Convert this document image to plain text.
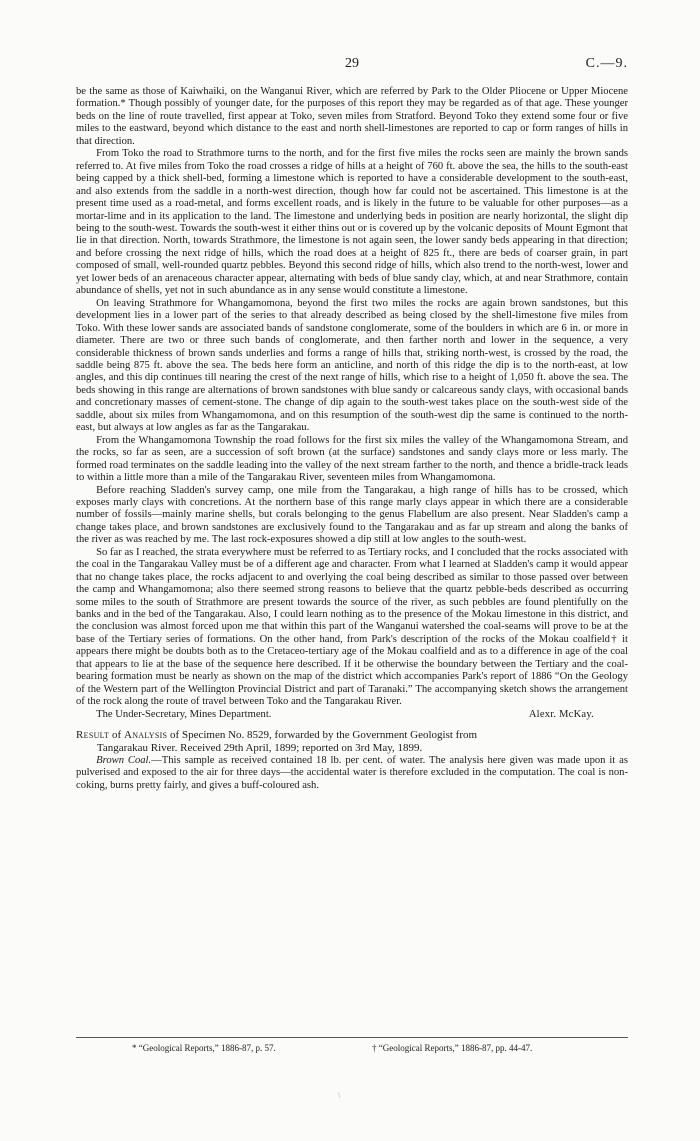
29	C.—9.

be the same as those of Kaiwhaiki, on the Wanganui River, which are referred by Park to the Older Pliocene or Upper Miocene formation.* Though possibly of younger date, for the purposes of this report they may be regarded as of that age. These younger beds on the line of route travelled, first appear at Toko, seven miles from Stratford. Beyond Toko they extend some four or five miles to the eastward, beyond which distance to the east and north shell-limestones are reported to cap or form ranges of hills in that direction.

From Toko the road to Strathmore turns to the north, and for the first five miles the rocks seen are mainly the brown sands referred to. At five miles from Toko the road crosses a ridge of hills at a height of 760 ft. above the sea, the hills to the south-east being capped by a thick shell-bed, forming a limestone which is reported to have a considerable development to the south-east, and also extends from the saddle in a north-west direction, though how far could not be ascertained. This limestone is at the present time used as a road-metal, and forms excellent roads, and is likely in the future to be valuable for other purposes—as a mortar-lime and in its application to the land. The limestone and underlying beds in position are nearly horizontal, the slight dip being to the south-west. Towards the south-west it either thins out or is covered up by the volcanic deposits of Mount Egmont that lie in that direction. North, towards Strathmore, the limestone is not again seen, the lower sandy beds appearing in that direction; and before crossing the next ridge of hills, which the road does at a height of 825 ft., there are beds of coarser grain, in part composed of small, well-rounded quartz pebbles. Beyond this second ridge of hills, which also trend to the north-west, lower and yet lower beds of an arenaceous character appear, alternating with beds of blue sandy clay, which, at and near Strathmore, contain abundance of shells, yet not in such abundance as in any sense would constitute a limestone.

On leaving Strathmore for Whangamomona, beyond the first two miles the rocks are again brown sandstones, but this development lies in a lower part of the series to that already described as being closed by the shell-limestone five miles from Toko. With these lower sands are associated bands of sandstone conglomerate, some of the boulders in which are 6 in. or more in diameter. There are two or three such bands of conglomerate, and then farther north and lower in the sequence, a very considerable thickness of brown sands underlies and forms a range of hills that, striking north-west, is crossed by the road, the saddle being 875 ft. above the sea. The beds here form an anticline, and north of this ridge the dip is to the north-east, at low angles, and this dip continues till nearing the crest of the next range of hills, which rise to a height of 1,050 ft. above the sea. The beds showing in this range are alternations of brown sandstones with blue sandy or calcareous sandy clays, with occasional bands and concretionary masses of cement-stone. The change of dip again to the south-west takes place on the south-west side of the saddle, about six miles from Whangamomona, and on this resumption of the south-west dip the same is continued to the north-east, but always at low angles as far as the Tangarakau.

From the Whangamomona Township the road follows for the first six miles the valley of the Whangamomona Stream, and the rocks, so far as seen, are a succession of soft brown (at the surface) sandstones and sandy clays more or less marly. The formed road terminates on the saddle leading into the valley of the next stream farther to the north, and thence a bridle-track leads to within a little more than a mile of the Tangarakau River, seventeen miles from Whangamomona.

Before reaching Sladden's survey camp, one mile from the Tangarakau, a high range of hills has to be crossed, which exposes marly clays with concretions. At the northern base of this range marly clays appear in which there are a considerable number of fossils—mainly marine shells, but corals belonging to the genus Flabellum are also present. Near Sladden's camp a change takes place, and brown sandstones are exclusively found to the Tangarakau and as far up stream and along the banks of the river as was reached by me. The last rock-exposures showed a dip still at low angles to the south-west.

So far as I reached, the strata everywhere must be referred to as Tertiary rocks, and I concluded that the rocks associated with the coal in the Tangarakau Valley must be of a different age and character. From what I learned at Sladden's camp it would appear that no change takes place, the rocks adjacent to and overlying the coal being described as similar to those passed over between the camp and Whangamomona; also there seemed strong reasons to believe that the quartz pebble-beds described as occurring some miles to the south of Strathmore are present towards the source of the river, as such pebbles are found plentifully on the banks and in the bed of the Tangarakau. Also, I could learn nothing as to the presence of the Mokau limestone in this district, and the conclusion was almost forced upon me that within this part of the Wanganui watershed the coal-seams will prove to be at the base of the Tertiary series of formations. On the other hand, from Park's description of the rocks of the Mokau coalfield† it appears there might be doubts both as to the Cretaceo-tertiary age of the Mokau coalfield and as to a difference in age of the coal that appears to lie at the base of the sequence here described. If it be otherwise the boundary between the Tertiary and the coal-bearing formation must be nearly as shown on the map of the district which accompanies Park's report of 1886 “On the Geology of the Western part of the Wellington Provincial District and part of Taranaki.” The accompanying sketch shows the arrangement of the rock along the route of travel between Toko and the Tangarakau River.

The Under-Secretary, Mines Department.	Alexr. McKay.

Result of Analysis of Specimen No. 8529, forwarded by the Government Geologist from
Tangarakau River. Received 29th April, 1899; reported on 3rd May, 1899.

Brown Coal.—This sample as received contained 18 lb. per cent. of water. The analysis here given was made upon it as pulverised and exposed to the air for three days—the accidental water is therefore excluded in the computation. The coal is non-coking, burns pretty fairly, and gives a buff-coloured ash.

* “Geological Reports,” 1886-87, p. 57.	† “Geological Reports,” 1886-87, pp. 44-47.
\
